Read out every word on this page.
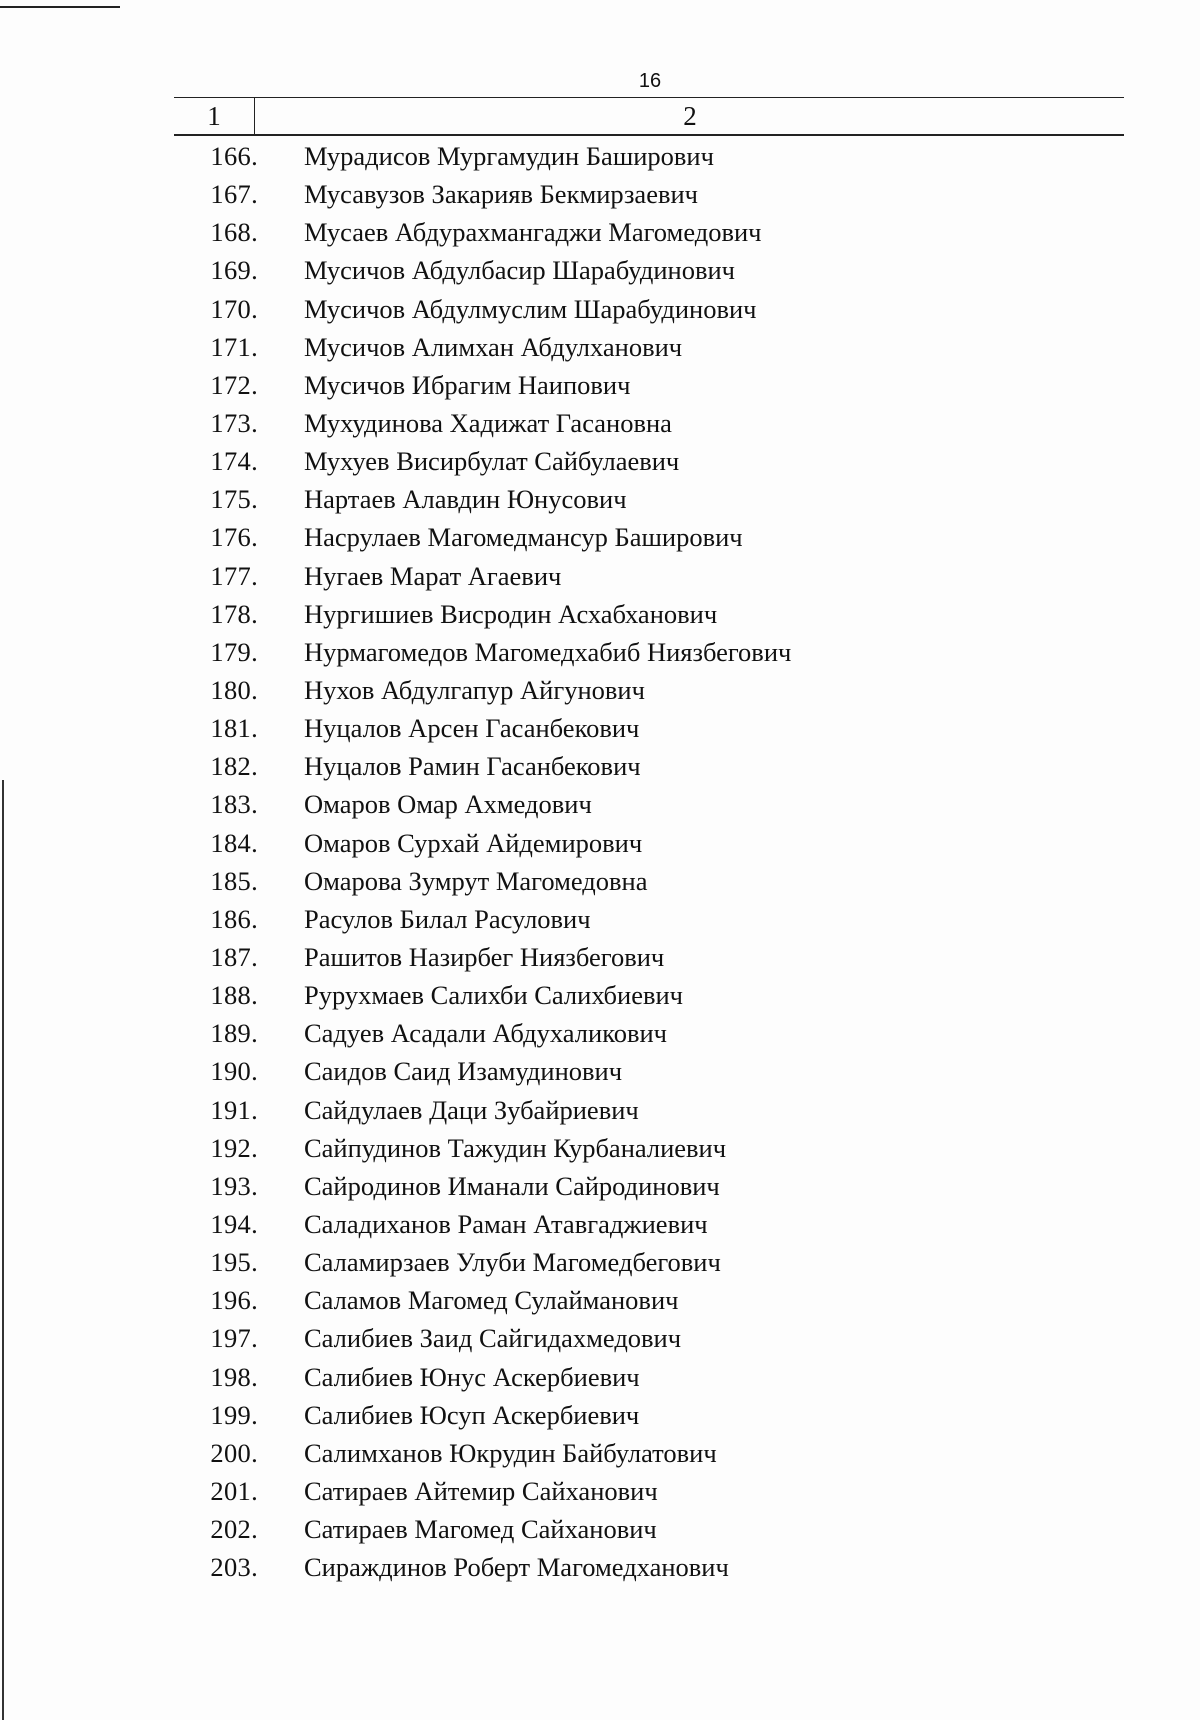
16
1	2
166. Мурадисов Мургамудин Баширович
167. Мусавузов Закарияв Бекмирзаевич
168. Мусаев Абдурахмангаджи Магомедович
169. Мусичов Абдулбасир Шарабудинович
170. Мусичов Абдулмуслим Шарабудинович
171. Мусичов Алимхан Абдулханович
172. Мусичов Ибрагим Наипович
173. Мухудинова Хадижат Гасановна
174. Мухуев Висирбулат Сайбулаевич
175. Нартаев Алавдин Юнусович
176. Насрулаев Магомедмансур Баширович
177. Нугаев Марат Агаевич
178. Нургишиев Висродин Асхабханович
179. Нурмагомедов Магомедхабиб Ниязбегович
180. Нухов Абдулгапур Айгунович
181. Нуцалов Арсен Гасанбекович
182. Нуцалов Рамин Гасанбекович
183. Омаров Омар Ахмедович
184. Омаров Сурхай Айдемирович
185. Омарова Зумрут Магомедовна
186. Расулов Билал Расулович
187. Рашитов Назирбег Ниязбегович
188. Рурухмаев Салихби Салихбиевич
189. Садуев Асадали Абдухаликович
190. Саидов Саид Изамудинович
191. Сайдулаев Даци Зубайриевич
192. Сайпудинов Тажудин Курбаналиевич
193. Сайродинов Иманали Сайродинович
194. Саладиханов Раман Атавгаджиевич
195. Саламирзаев Улуби Магомедбегович
196. Саламов Магомед Сулайманович
197. Салибиев Заид Сайгидахмедович
198. Салибиев Юнус Аскербиевич
199. Салибиев Юсуп Аскербиевич
200. Салимханов Юкрудин Байбулатович
201. Сатираев Айтемир Сайханович
202. Сатираев Магомед Сайханович
203. Сираждинов Роберт Магомедханович
